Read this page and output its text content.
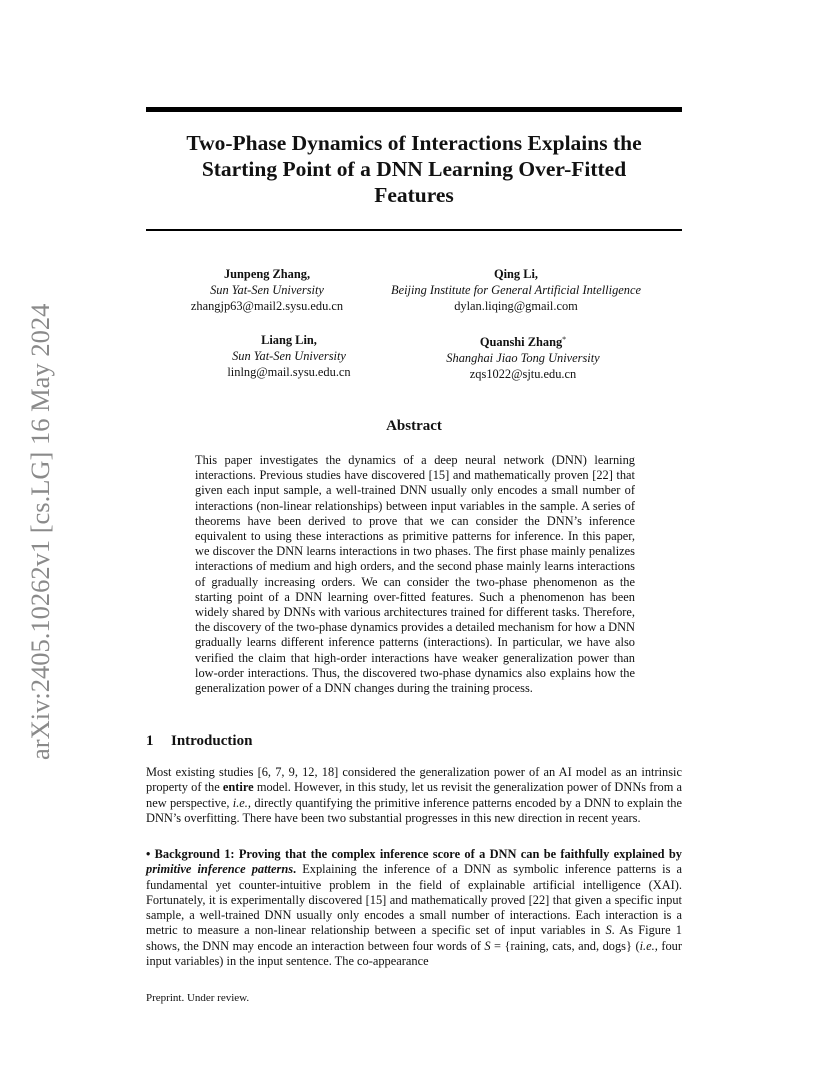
arXiv:2405.10262v1 [cs.LG] 16 May 2024
Two-Phase Dynamics of Interactions Explains the
Starting Point of a DNN Learning Over-Fitted
Features
Junpeng Zhang,
Sun Yat-Sen University
zhangjp63@mail2.sysu.edu.cn
Qing Li,
Beijing Institute for General Artificial Intelligence
dylan.liqing@gmail.com
Liang Lin,
Sun Yat-Sen University
linlng@mail.sysu.edu.cn
Quanshi Zhang*
Shanghai Jiao Tong University
zqs1022@sjtu.edu.cn
Abstract
This paper investigates the dynamics of a deep neural network (DNN) learning interactions. Previous studies have discovered [15] and mathematically proven [22] that given each input sample, a well-trained DNN usually only encodes a small number of interactions (non-linear relationships) between input variables in the sample. A series of theorems have been derived to prove that we can consider the DNN’s inference equivalent to using these interactions as primitive patterns for inference. In this paper, we discover the DNN learns interactions in two phases. The first phase mainly penalizes interactions of medium and high orders, and the second phase mainly learns interactions of gradually increasing orders. We can consider the two-phase phenomenon as the starting point of a DNN learning over-fitted features. Such a phenomenon has been widely shared by DNNs with various architectures trained for different tasks. Therefore, the discovery of the two-phase dynamics provides a detailed mechanism for how a DNN gradually learns different inference patterns (interactions). In particular, we have also verified the claim that high-order interactions have weaker generalization power than low-order interactions. Thus, the discovered two-phase dynamics also explains how the generalization power of a DNN changes during the training process.
1 Introduction
Most existing studies [6, 7, 9, 12, 18] considered the generalization power of an AI model as an intrinsic property of the entire model. However, in this study, let us revisit the generalization power of DNNs from a new perspective, i.e., directly quantifying the primitive inference patterns encoded by a DNN to explain the DNN’s overfitting. There have been two substantial progresses in this new direction in recent years.
• Background 1: Proving that the complex inference score of a DNN can be faithfully explained by primitive inference patterns. Explaining the inference of a DNN as symbolic inference patterns is a fundamental yet counter-intuitive problem in the field of explainable artificial intelligence (XAI). Fortunately, it is experimentally discovered [15] and mathematically proved [22] that given a specific input sample, a well-trained DNN usually only encodes a small number of interactions. Each interaction is a metric to measure a non-linear relationship between a specific set of input variables in S. As Figure 1 shows, the DNN may encode an interaction between four words of S = {raining, cats, and, dogs} (i.e., four input variables) in the input sentence. The co-appearance
Preprint. Under review.
